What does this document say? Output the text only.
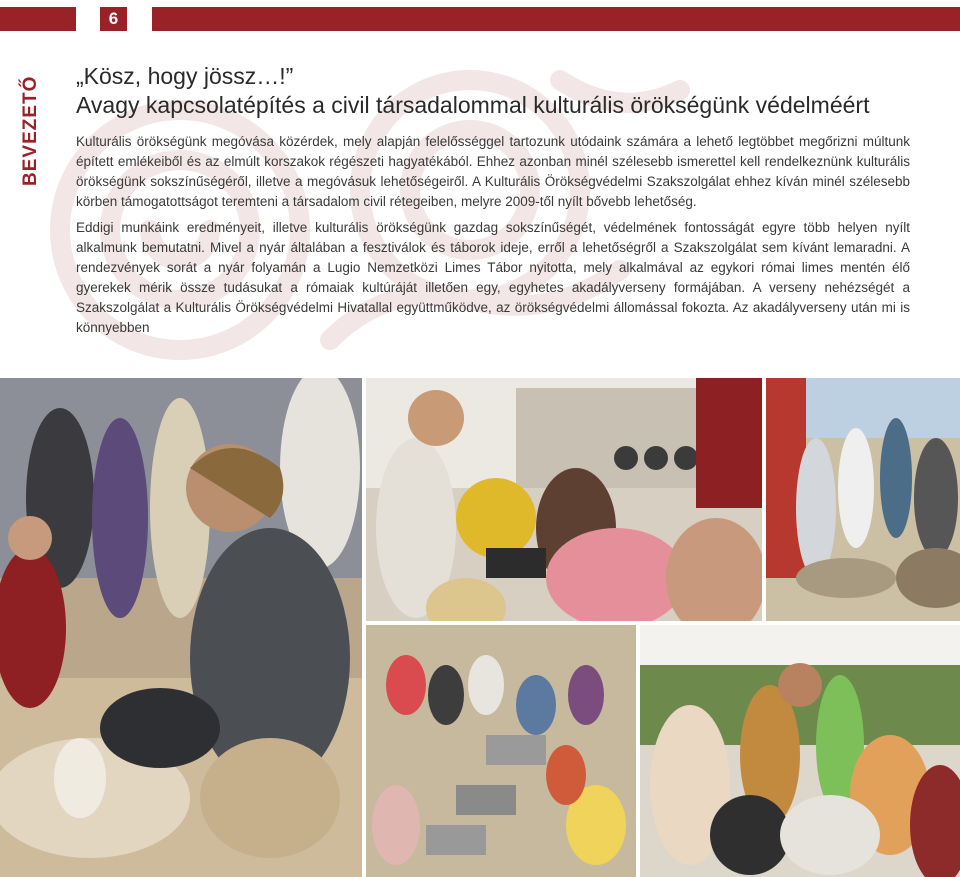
6
BEVEZETŐ „Kösz, hogy jössz…!”
Avagy kapcsolatépítés a civil társadalommal kulturális örökségünk védelméért

Kulturális örökségünk megóvása közérdek, mely alapján felelősséggel tartozunk utódaink számára a lehető legtöbbet megőrizni múltunk épített emlékeiből és az elmúlt korszakok régészeti hagyatékából. Ehhez azonban minél szélesebb ismerettel kell rendelkeznünk kulturális örökségünk sokszínűségéről, illetve a megóvásuk lehetőségeiről. A Kulturális Örökségvédelmi Szakszolgálat ehhez kíván minél szélesebb körben támogatottságot teremteni a társadalom civil rétegeiben, melyre 2009-től nyílt bővebb lehetőség.

Eddigi munkáink eredményeit, illetve kulturális örökségünk gazdag sokszínűségét, védelmének fontosságát egyre több helyen nyílt alkalmunk bemutatni. Mivel a nyár általában a fesztiválok és táborok ideje, erről a lehetőségről a Szakszolgálat sem kívánt lemaradni. A rendezvények sorát a nyár folyamán a Lugio Nemzetközi Limes Tábor nyitotta, mely alkalmával az egykori római limes mentén élő gyerekek mérik össze tudásukat a rómaiak kultúráját illetően egy, egyhetes akadályverseny formájában. A verseny nehézségét a Szakszolgálat a Kulturális Örökségvédelmi Hivatallal együttműködve, az örökségvédelmi állomással fokozta. Az akadályverseny után mi is könnyebben
